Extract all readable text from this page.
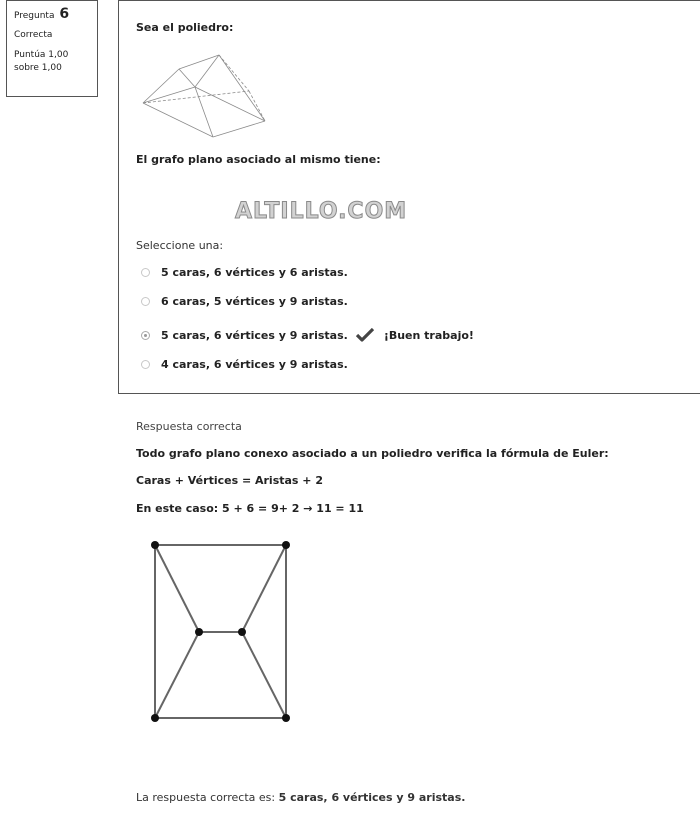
Pregunta 6
Correcta
Puntúa 1,00
sobre 1,00
Sea el poliedro:
El grafo plano asociado al mismo tiene:
ALTILLO.COM
Seleccione una:
5 caras, 6 vértices y 6 aristas.
6 caras, 5 vértices y 9 aristas.
5 caras, 6 vértices y 9 aristas.	¡Buen trabajo!
4 caras, 6 vértices y 9 aristas.
Respuesta correcta
Todo grafo plano conexo asociado a un poliedro verifica la fórmula de Euler:
Caras + Vértices = Aristas + 2
En este caso: 5 + 6 = 9+ 2 → 11 = 11
La respuesta correcta es: 5 caras, 6 vértices y 9 aristas.
